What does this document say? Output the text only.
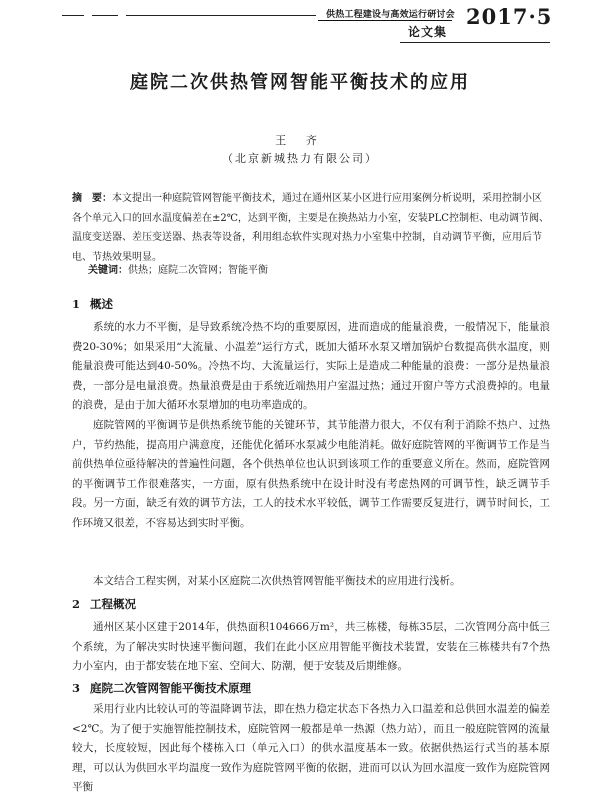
供热工程建设与高效运行研讨会
论文集
2017·5
庭院二次供热管网智能平衡技术的应用
王 齐
（北京新城热力有限公司）
摘　要：本文提出一种庭院管网智能平衡技术，通过在通州区某小区进行应用案例分析说明，采用控制小区各个单元入口的回水温度偏差在±2℃，达到平衡，主要是在换热站力小室，安装PLC控制柜、电动调节阀、温度变送器、差压变送器、热表等设备，利用组态软件实现对热力小室集中控制，自动调节平衡，应用后节电、节热效果明显。
关键词：供热；庭院二次管网；智能平衡
1 概述
系统的水力不平衡，是导致系统冷热不均的重要原因，进而造成的能量浪费，一般情况下，能量浪费20-30%；如果采用“大流量、小温差”运行方式，既加大循环水泵又增加锅炉台数提高供水温度，则能量浪费可能达到40-50%。冷热不均、大流量运行，实际上是造成二种能量的浪费：一部分是热量浪费，一部分是电量浪费。热量浪费是由于系统近端热用户室温过热；通过开窗户等方式浪费掉的。电量的浪费，是由于加大循环水泵增加的电功率造成的。
庭院管网的平衡调节是供热系统节能的关键环节，其节能潜力很大，不仅有利于消除不热户、过热户，节约热能，提高用户满意度，还能优化循环水泵减少电能消耗。做好庭院管网的平衡调节工作是当前供热单位亟待解决的普遍性问题，各个供热单位也认识到该项工作的重要意义所在。然而，庭院管网的平衡调节工作很难落实，一方面，原有供热系统中在设计时没有考虑热网的可调节性，缺乏调节手段。另一方面，缺乏有效的调节方法，工人的技术水平较低，调节工作需要反复进行，调节时间长，工作环境又很差，不容易达到实时平衡。
本文结合工程实例，对某小区庭院二次供热管网智能平衡技术的应用进行浅析。
2 工程概况
通州区某小区建于2014年，供热面积104666万m²，共三栋楼，每栋35层，二次管网分高中低三个系统，为了解决实时快速平衡问题，我们在此小区应用智能平衡技术装置，安装在三栋楼共有7个热力小室内，由于都安装在地下室、空间大、防潮，便于安装及后期维修。
3 庭院二次管网智能平衡技术原理
采用行业内比较认可的等温降调节法，即在热力稳定状态下各热力入口温差和总供回水温差的偏差<2℃。为了便于实施智能控制技术，庭院管网一般都是单一热源（热力站），而且一般庭院管网的流量较大，长度较短，因此每个楼栋入口（单元入口）的供水温度基本一致。依据供热运行式当的基本原理，可以认为供回水平均温度一致作为庭院管网平衡的依据，进而可以认为回水温度一致作为庭院管网平衡
